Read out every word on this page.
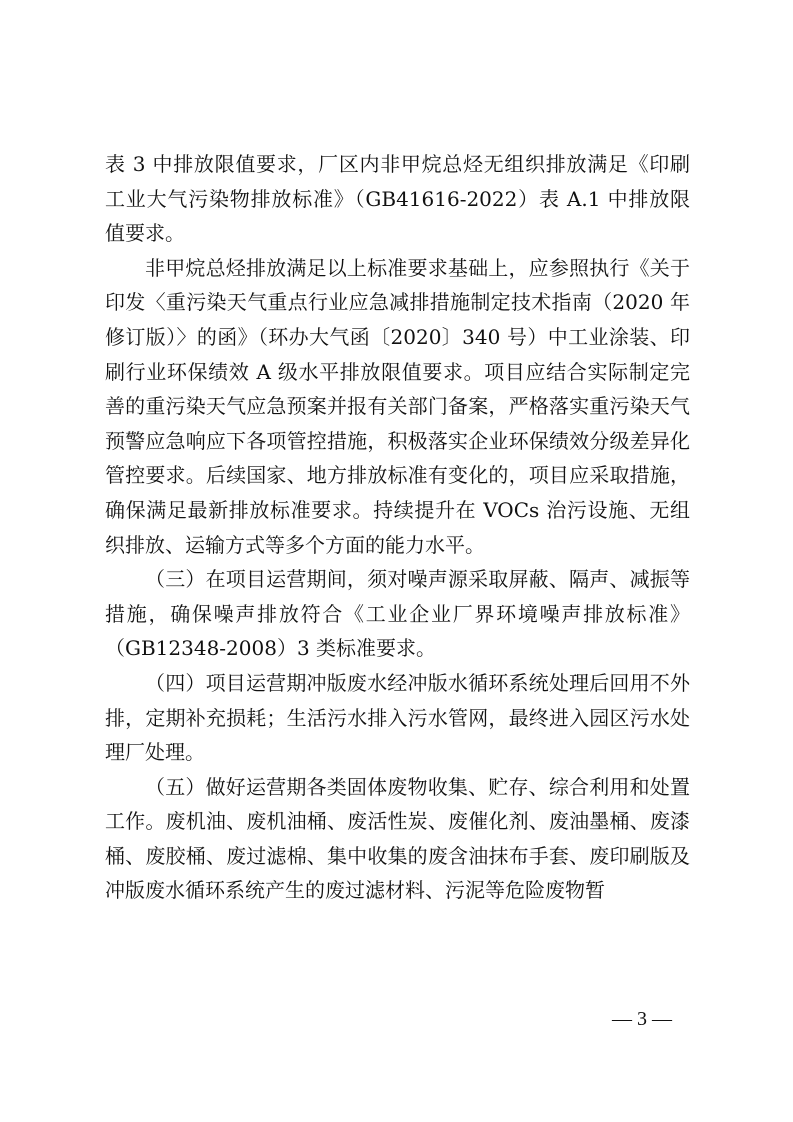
表 3 中排放限值要求，厂区内非甲烷总烃无组织排放满足《印刷工业大气污染物排放标准》（GB41616-2022）表 A.1 中排放限值要求。

非甲烷总烃排放满足以上标准要求基础上，应参照执行《关于印发〈重污染天气重点行业应急减排措施制定技术指南（2020 年修订版）〉的函》（环办大气函〔2020〕340 号）中工业涂装、印刷行业环保绩效 A 级水平排放限值要求。项目应结合实际制定完善的重污染天气应急预案并报有关部门备案，严格落实重污染天气预警应急响应下各项管控措施，积极落实企业环保绩效分级差异化管控要求。后续国家、地方排放标准有变化的，项目应采取措施，确保满足最新排放标准要求。持续提升在 VOCs 治污设施、无组织排放、运输方式等多个方面的能力水平。

（三）在项目运营期间，须对噪声源采取屏蔽、隔声、减振等措施，确保噪声排放符合《工业企业厂界环境噪声排放标准》（GB12348-2008）3 类标准要求。

（四）项目运营期冲版废水经冲版水循环系统处理后回用不外排，定期补充损耗；生活污水排入污水管网，最终进入园区污水处理厂处理。

（五）做好运营期各类固体废物收集、贮存、综合利用和处置工作。废机油、废机油桶、废活性炭、废催化剂、废油墨桶、废漆桶、废胶桶、废过滤棉、集中收集的废含油抹布手套、废印刷版及冲版废水循环系统产生的废过滤材料、污泥等危险废物暂

— 3 —
